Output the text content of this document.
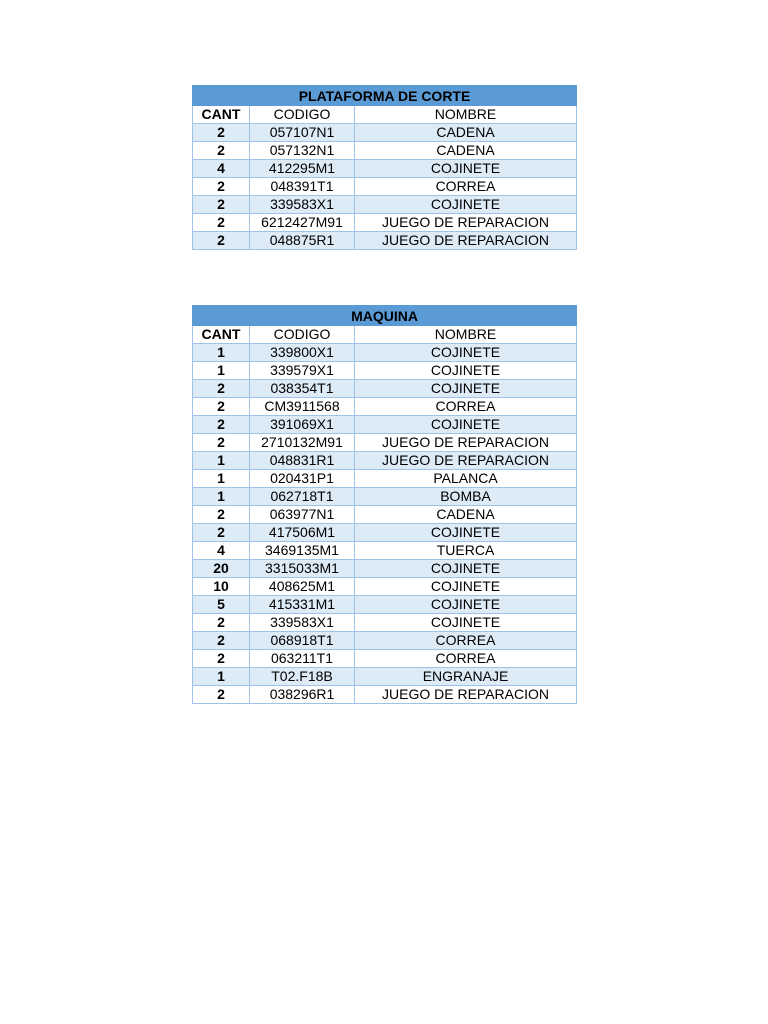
PLATAFORMA DE CORTE		
CANT	CODIGO	NOMBRE
2	057107N1	CADENA
2	057132N1	CADENA
4	412295M1	COJINETE
2	048391T1	CORREA
2	339583X1	COJINETE
2	6212427M91	JUEGO DE REPARACION
2	048875R1	JUEGO DE REPARACION
MAQUINA		
CANT	CODIGO	NOMBRE
1	339800X1	COJINETE
1	339579X1	COJINETE
2	038354T1	COJINETE
2	CM3911568	CORREA
2	391069X1	COJINETE
2	2710132M91	JUEGO DE REPARACION
1	048831R1	JUEGO DE REPARACION
1	020431P1	PALANCA
1	062718T1	BOMBA
2	063977N1	CADENA
2	417506M1	COJINETE
4	3469135M1	TUERCA
20	3315033M1	COJINETE
10	408625M1	COJINETE
5	415331M1	COJINETE
2	339583X1	COJINETE
2	068918T1	CORREA
2	063211T1	CORREA
1	T02.F18B	ENGRANAJE
2	038296R1	JUEGO DE REPARACION
